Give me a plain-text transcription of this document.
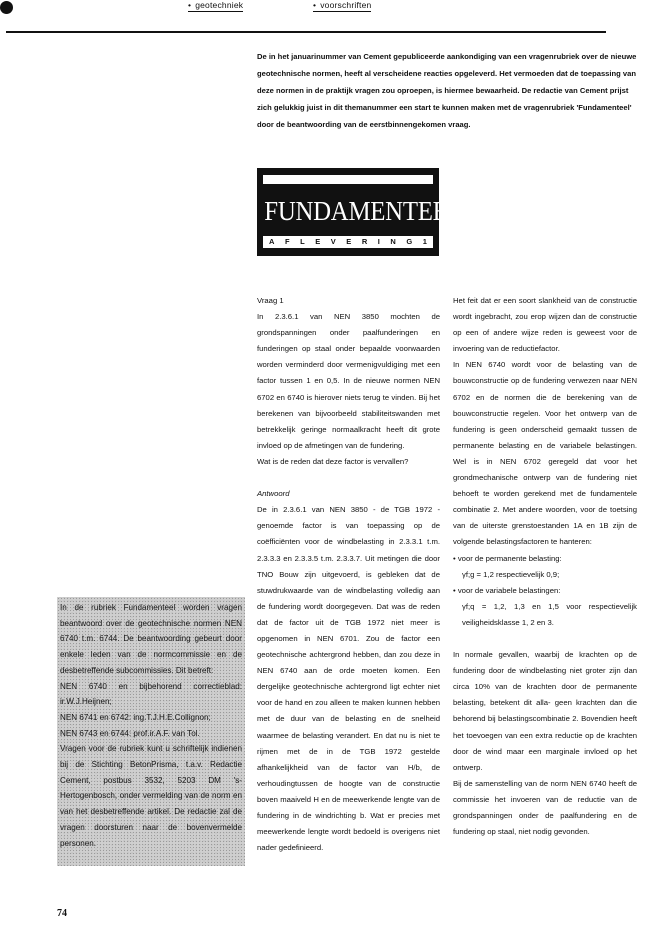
• geotechniek	• voorschriften

De in het januarinummer van Cement gepubliceerde aankondiging van een vragenrubriek over de nieuwe geotechnische normen, heeft al verscheidene reacties opgeleverd. Het vermoeden dat de toepassing van deze normen in de praktijk vragen zou oproepen, is hiermee bewaarheid. De redactie van Cement prijst zich gelukkig juist in dit themanummer een start te kunnen maken met de vragenrubriek 'Fundamenteel' door de beantwoording van de eerstbinnengekomen vraag.

FUNDAMENTEEL
A F L E V E R I N G 1

Vraag 1

In 2.3.6.1 van NEN 3850 mochten de grondspanningen onder paalfunderingen en funderingen op staal onder bepaalde voorwaarden worden verminderd door vermenigvuldiging met een factor tussen 1 en 0,5. In de nieuwe normen NEN 6702 en 6740 is hierover niets terug te vinden. Bij het berekenen van bijvoorbeeld stabiliteitswanden met betrekkelijk geringe normaalkracht heeft dit grote invloed op de afmetingen van de fundering.

Wat is de reden dat deze factor is vervallen?

Antwoord

De in 2.3.6.1 van NEN 3850 - de TGB 1972 - genoemde factor is van toepassing op de coëfficiënten voor de windbelasting in 2.3.3.1 t.m. 2.3.3.3 en 2.3.3.5 t.m. 2.3.3.7. Uit metingen die door TNO Bouw zijn uitgevoerd, is gebleken dat de stuwdrukwaarde van de windbelasting volledig aan de fundering wordt doorgegeven. Dat was de reden dat de factor uit de TGB 1972 niet meer is opgenomen in NEN 6701. Zou de factor een geotechnische achtergrond hebben, dan zou deze in NEN 6740 aan de orde moeten komen. Een dergelijke geotechnische achtergrond ligt echter niet voor de hand en zou alleen te maken kunnen hebben met de duur van de belasting en de snelheid waarmee de belasting verandert. En dat nu is niet te rijmen met de in de TGB 1972 gestelde afhankelijkheid van de factor van H/b, de verhoudingtussen de hoogte van de constructie boven maaiveld H en de meewerkende lengte van de fundering in de windrichting b. Wat er precies met meewerkende lengte wordt bedoeld is overigens niet nader gedefinieerd.

Het feit dat er een soort slankheid van de constructie wordt ingebracht, zou erop wijzen dan de constructie op een of andere wijze reden is geweest voor de invoering van de reductiefactor.

In NEN 6740 wordt voor de belasting van de bouwconstructie op de fundering verwezen naar NEN 6702 en de normen die de berekening van de bouwconstructie regelen. Voor het ontwerp van de fundering is geen onderscheid gemaakt tussen de permanente belasting en de variabele belastingen. Wel is in NEN 6702 geregeld dat voor het grondmechanische ontwerp van de fundering niet behoeft te worden gerekend met de fundamentele combinatie 2. Met andere woorden, voor de toetsing van de uiterste grenstoestanden 1A en 1B zijn de volgende belastingsfactoren te hanteren:

• voor de permanente belasting:

γf;g = 1,2 respectievelijk 0,9;

• voor de variabele belastingen:

γf;q = 1,2, 1,3 en 1,5 voor respectievelijk veiligheidsklasse 1, 2 en 3.

In normale gevallen, waarbij de krachten op de fundering door de windbelasting niet groter zijn dan circa 10% van de krachten door de permanente belasting, betekent dit alla- geen krachten dan die behorend bij belastingscombinatie 2. Bovendien heeft het toevoegen van een extra reductie op de krachten door de wind maar een marginale invloed op het ontwerp.

Bij de samenstelling van de norm NEN 6740 heeft de commissie het invoeren van de reductie van de grondspanningen onder de paalfundering en de fundering op staal, niet nodig gevonden.

In de rubriek Fundamenteel worden vragen beantwoord over de geotechnische normen NEN 6740 t.m. 6744. De beantwoording gebeurt door enkele leden van de normcommissie en de desbetreffende subcommissies. Dit betreft:

NEN 6740 en bijbehorend correctieblad: ir.W.J.Heijnen;

NEN 6741 en 6742: ing.T.J.H.E.Collignon;

NEN 6743 en 6744: prof.ir.A.F. van Tol.

Vragen voor de rubriek kunt u schriftelijk indienen bij de Stichting BetonPrisma, t.a.v. Redactie Cement, postbus 3532, 5203 DM 's-Hertogenbosch, onder vermelding van de norm en van het desbetreffende artikel. De redactie zal de vragen doorsturen naar de bovenvermelde personen.

74
